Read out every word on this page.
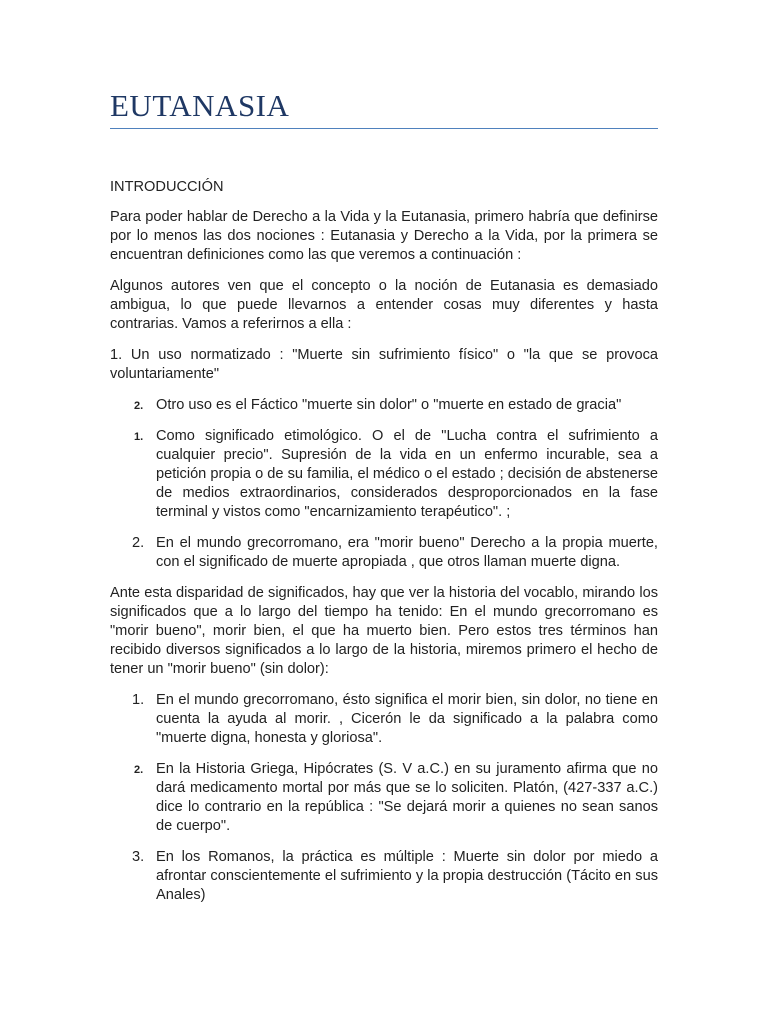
EUTANASIA

INTRODUCCIÓN

Para poder hablar de Derecho a la Vida y la Eutanasia, primero habría que definirse por lo menos las dos nociones : Eutanasia y Derecho a la Vida, por la primera se encuentran definiciones como las que veremos a continuación :

Algunos autores ven que el concepto o la noción de Eutanasia es demasiado ambigua, lo que puede llevarnos a entender cosas muy diferentes y hasta contrarias. Vamos a referirnos a ella :

1. Un uso normatizado : "Muerte sin sufrimiento físico" o "la que se provoca voluntariamente"

2. Otro uso es el Fáctico "muerte sin dolor" o "muerte en estado de gracia"
1. Como significado etimológico. O el de "Lucha contra el sufrimiento a cualquier precio". Supresión de la vida en un enfermo incurable, sea a petición propia o de su familia, el médico o el estado ; decisión de abstenerse de medios extraordinarios, considerados desproporcionados en la fase terminal y vistos como "encarnizamiento terapéutico". ;
2. En el mundo grecorromano, era "morir bueno" Derecho a la propia muerte, con el significado de muerte apropiada , que otros llaman muerte digna.

Ante esta disparidad de significados, hay que ver la historia del vocablo, mirando los significados que a lo largo del tiempo ha tenido: En el mundo grecorromano es "morir bueno", morir bien, el que ha muerto bien. Pero estos tres términos han recibido diversos significados a lo largo de la historia, miremos primero el hecho de tener un "morir bueno" (sin dolor):

1. En el mundo grecorromano, ésto significa el morir bien, sin dolor, no tiene en cuenta la ayuda al morir. , Cicerón le da significado a la palabra como "muerte digna, honesta y gloriosa".
2. En la Historia Griega, Hipócrates (S. V a.C.) en su juramento afirma que no dará medicamento mortal por más que se lo soliciten. Platón, (427-337 a.C.) dice lo contrario en la república : "Se dejará morir a quienes no sean sanos de cuerpo".
3. En los Romanos, la práctica es múltiple : Muerte sin dolor por miedo a afrontar conscientemente el sufrimiento y la propia destrucción (Tácito en sus Anales)
